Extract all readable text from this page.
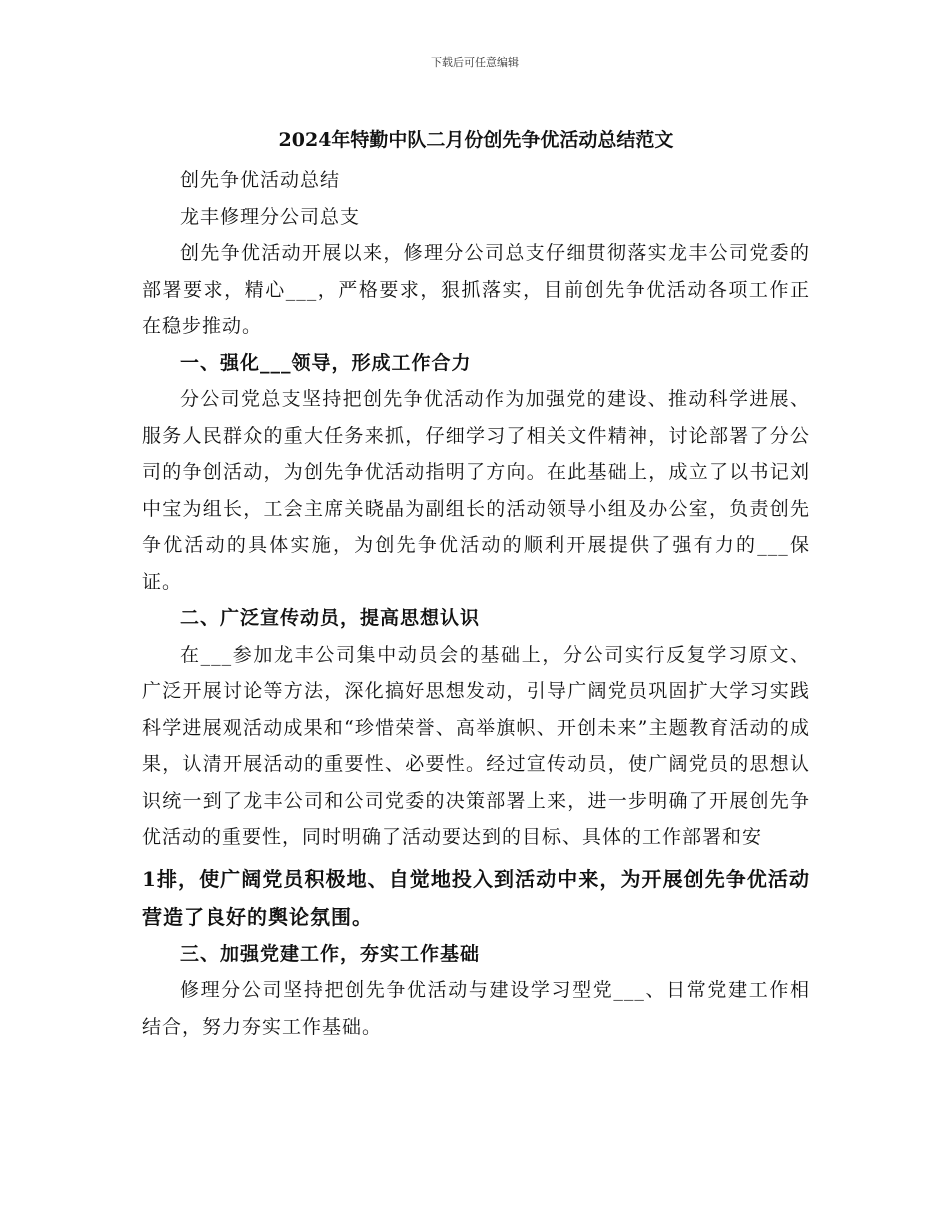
下载后可任意编辑
2024年特勤中队二月份创先争优活动总结范文

创先争优活动总结

龙丰修理分公司总支

创先争优活动开展以来，修理分公司总支仔细贯彻落实龙丰公司党委的部署要求，精心___，严格要求，狠抓落实，目前创先争优活动各项工作正在稳步推动。

一、强化___领导，形成工作合力

分公司党总支坚持把创先争优活动作为加强党的建设、推动科学进展、服务人民群众的重大任务来抓，仔细学习了相关文件精神，讨论部署了分公司的争创活动，为创先争优活动指明了方向。在此基础上，成立了以书记刘中宝为组长，工会主席关晓晶为副组长的活动领导小组及办公室，负责创先争优活动的具体实施，为创先争优活动的顺利开展提供了强有力的___保证。

二、广泛宣传动员，提高思想认识

在___参加龙丰公司集中动员会的基础上，分公司实行反复学习原文、广泛开展讨论等方法，深化搞好思想发动，引导广阔党员巩固扩大学习实践科学进展观活动成果和“珍惜荣誉、高举旗帜、开创未来”主题教育活动的成果，认清开展活动的重要性、必要性。经过宣传动员，使广阔党员的思想认识统一到了龙丰公司和公司党委的决策部署上来，进一步明确了开展创先争优活动的重要性，同时明确了活动要达到的目标、具体的工作部署和安

1排，使广阔党员积极地、自觉地投入到活动中来，为开展创先争优活动营造了良好的舆论氛围。

三、加强党建工作，夯实工作基础

修理分公司坚持把创先争优活动与建设学习型党___、日常党建工作相结合，努力夯实工作基础。
